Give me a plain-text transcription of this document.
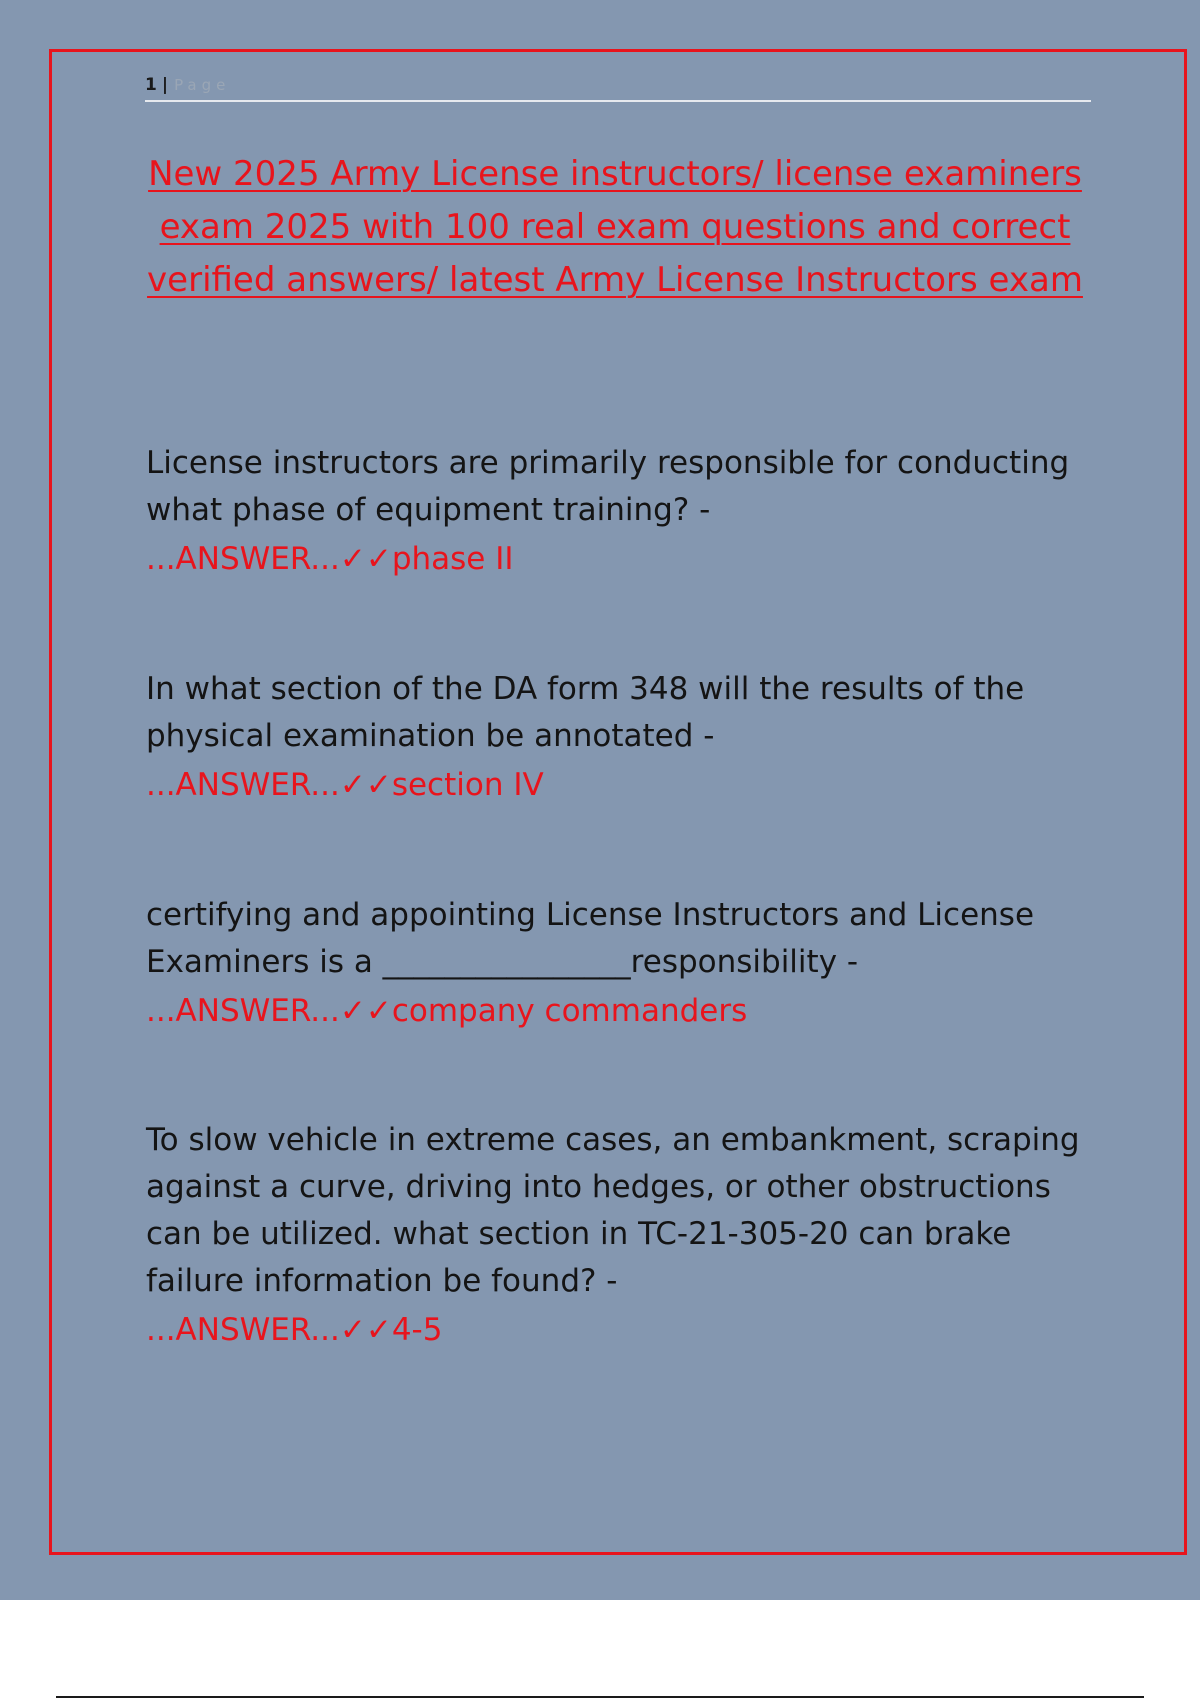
1 | Page
New 2025 Army License instructors/ license examiners exam 2025 with 100 real exam questions and correct verified answers/ latest Army License Instructors exam

License instructors are primarily responsible for conducting what phase of equipment training? -

...ANSWER...✓✓phase II

In what section of the DA form 348 will the results of the physical examination be annotated -

...ANSWER...✓✓section IV

certifying and appointing License Instructors and License Examiners is a ________________responsibility -

...ANSWER...✓✓company commanders

To slow vehicle in extreme cases, an embankment, scraping against a curve, driving into hedges, or other obstructions can be utilized. what section in TC-21-305-20 can brake failure information be found? -

...ANSWER...✓✓4-5
